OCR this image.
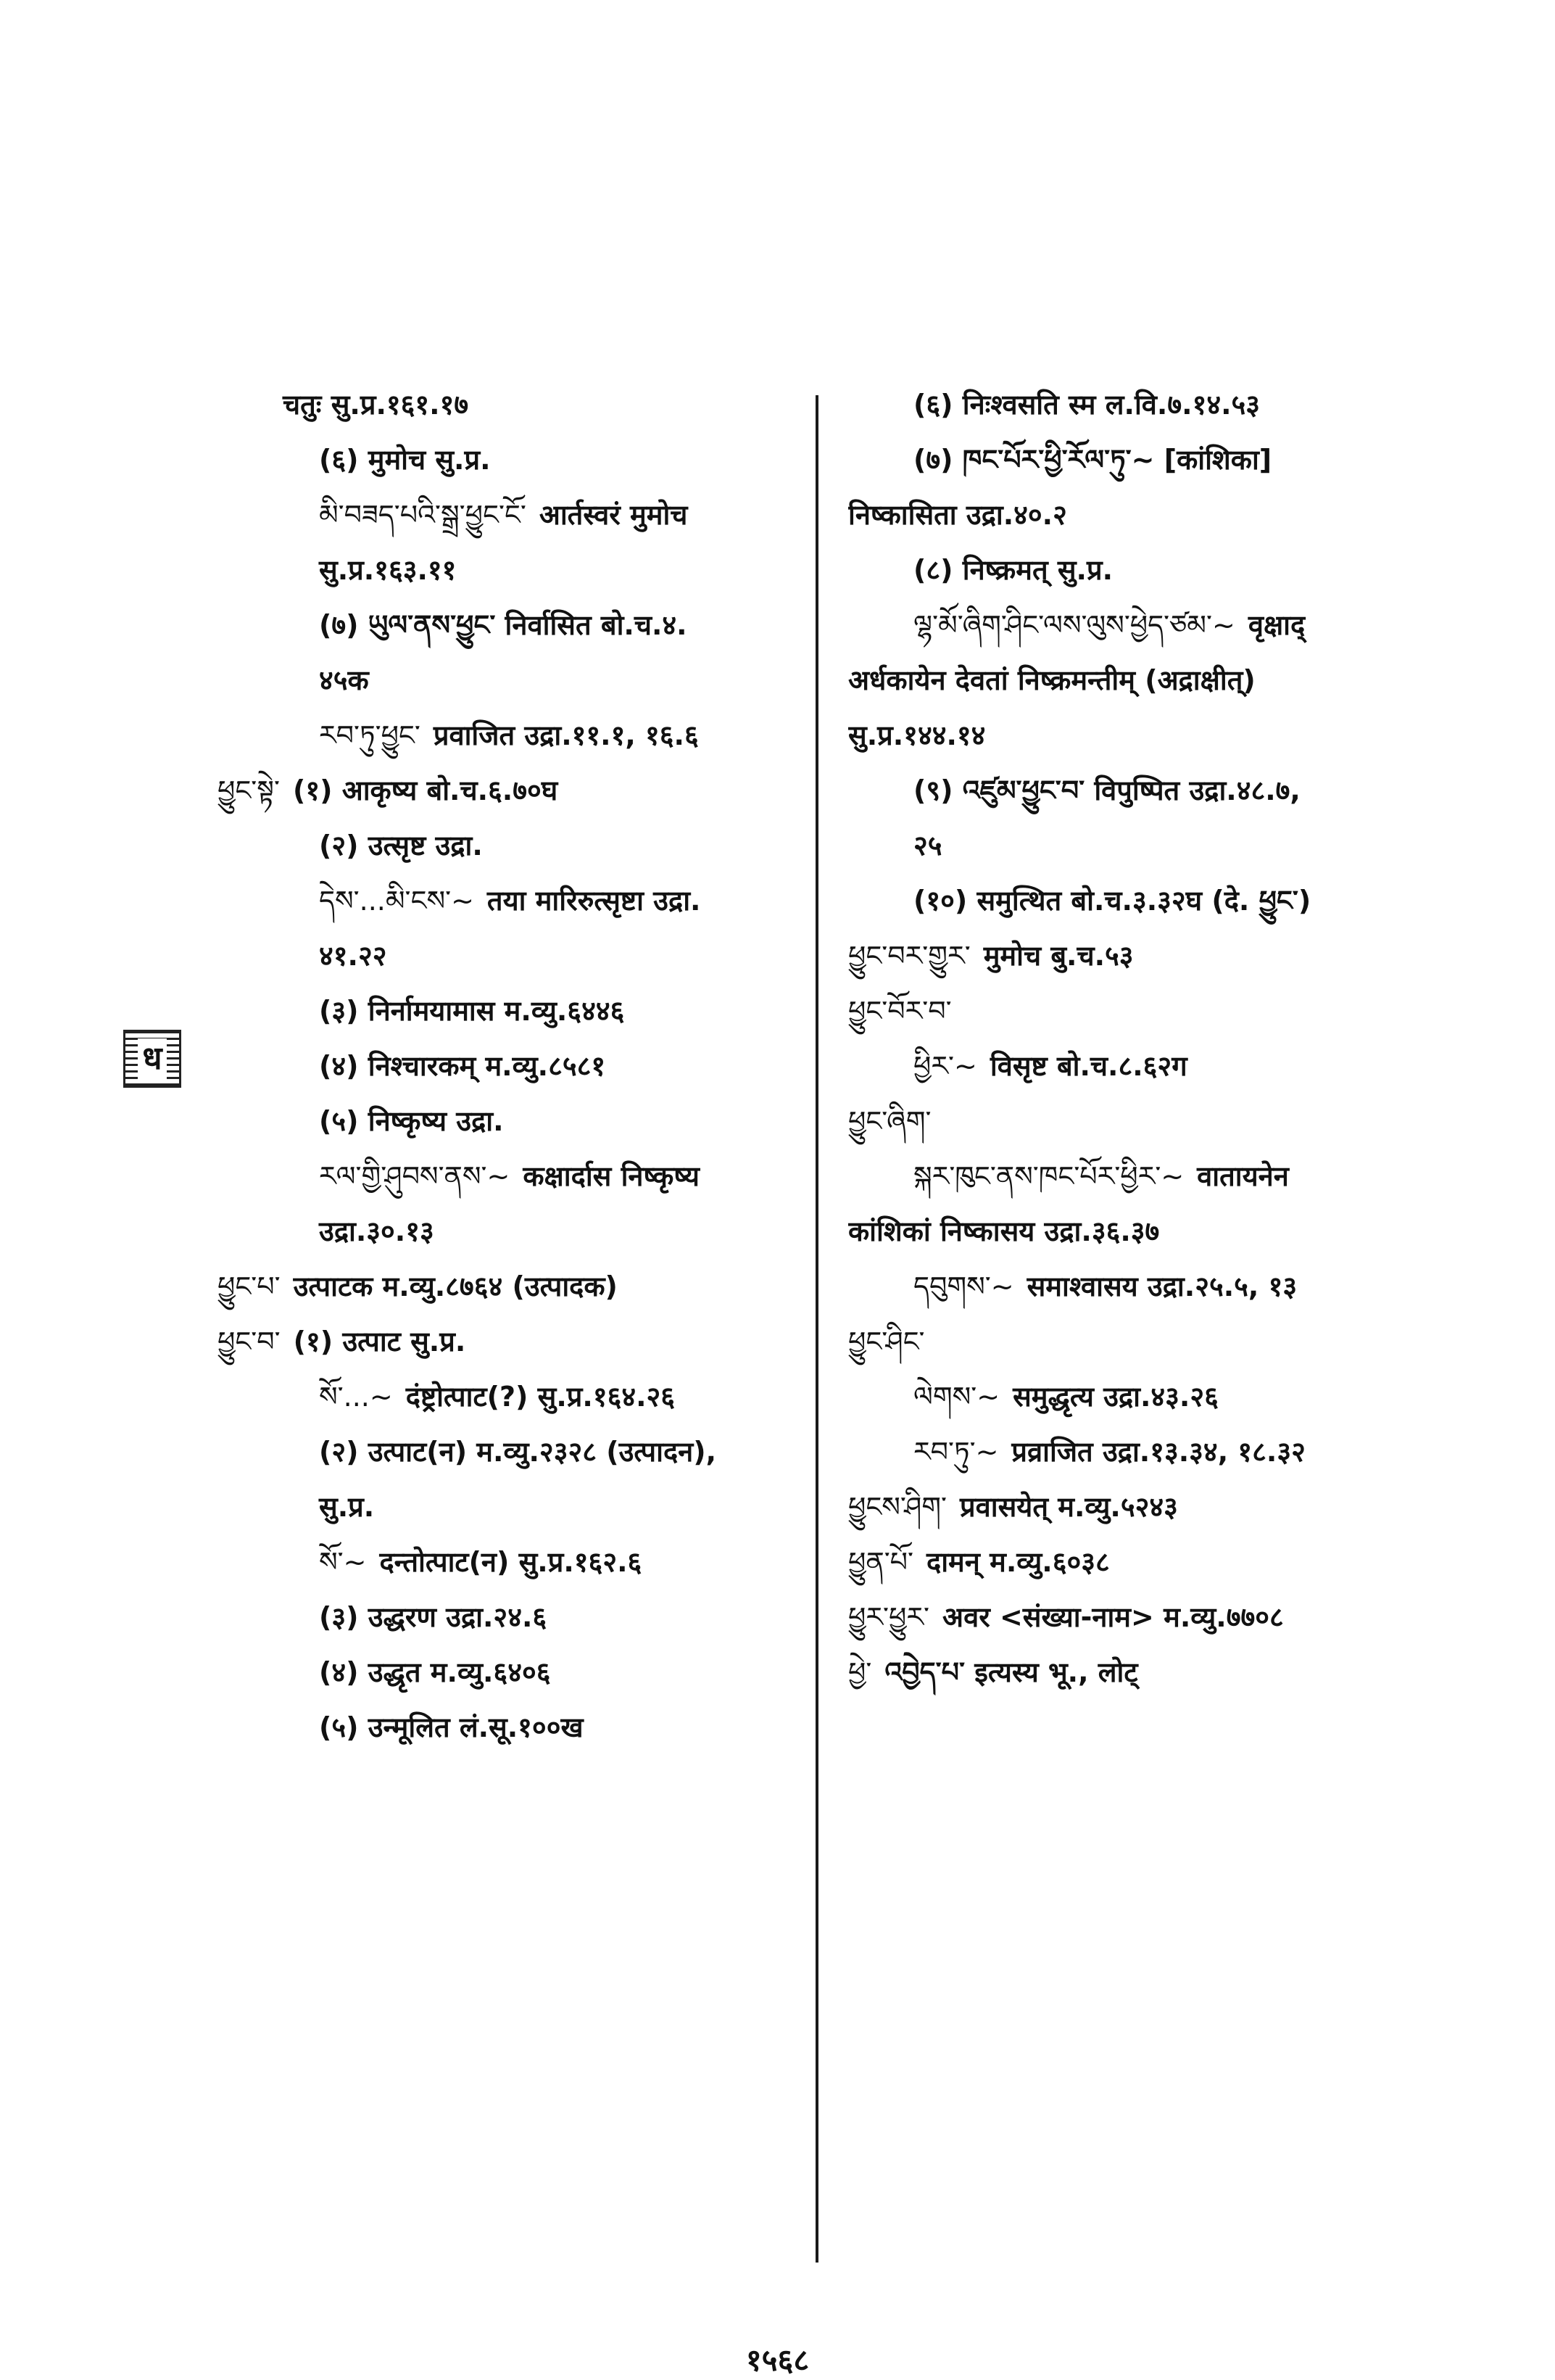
ध
चतुः सु.प्र.१६१.१७
(६) मुमोच सु.प्र.
མི་བཟད་པའི་སྒྲ་ཕྱུང་ངོ་ आर्तस्वरं मुमोच
सु.प्र.१६३.११
(७) ཡུལ་ནས་ཕྱུང་ निर्वासित बो.च.४.
४५क
རབ་ཏུ་ཕྱུང་ प्रवाजित उद्रा.११.१, १६.६
ཕྱུང་སྟེ་ (१) आकृष्य बो.च.६.७०घ
(२) उत्सृष्ट उद्रा.
དེས་...མི་ངས་~ तया मारिरुत्सृष्टा उद्रा.
४१.२२
(३) निर्नामयामास म.व्यु.६४४६
(४) निश्चारकम् म.व्यु.८५८१
(५) निष्कृष्य उद्रा.
རལ་གྱི་ཤུབས་ནས་~ कक्षार्दास निष्कृष्य
उद्रा.३०.१३
ཕྱུང་པ་ उत्पाटक म.व्यु.८७६४ (उत्पादक)
ཕྱུང་བ་ (१) उत्पाट सु.प्र.
སོ་...~ दंष्ट्रोत्पाट(?) सु.प्र.१६४.२६
(२) उत्पाट(न) म.व्यु.२३२८ (उत्पादन),
सु.प्र.
སོ་~ दन्तोत्पाट(न) सु.प्र.१६२.६
(३) उद्धरण उद्रा.२४.६
(४) उद्धृत म.व्यु.६४०६
(५) उन्मूलित लं.सू.१००ख
(६) निःश्वसति स्म ल.वि.७.१४.५३
(७) ཁང་པོར་ཕྱི་རོལ་ཏུ་~ [कांशिका]
निष्कासिता उद्रा.४०.२
(८) निष्क्रमत् सु.प्र.
ལྷ་མོ་ཞིག་ཤིང་ལས་ལུས་ཕྱེད་ཙམ་~ वृक्षाद्
अर्धकायेन देवतां निष्क्रमन्तीम् (अद्राक्षीत्)
सु.प्र.१४४.१४
(९) འཛུམ་ཕྱུང་བ་ विपुष्पित उद्रा.४८.७,
२५
(१०) समुत्थित बो.च.३.३२घ (दे. ཕྱུང་)
ཕྱུང་བར་གྱུར་ मुमोच बु.च.५३
ཕྱུང་བོར་བ་
ཕྱིར་~ विसृष्ट बो.च.८.६२ग
ཕྱུང་ཞིག་
སྐར་ཁུང་ནས་ཁང་པོར་ཕྱིར་~ वातायनेन
कांशिकां निष्कासय उद्रा.३६.३७
དབུགས་~ समाश्वासय उद्रा.२५.५, १३
ཕྱུང་ཤིང་
ལེགས་~ समुद्धृत्य उद्रा.४३.२६
རབ་ཏུ་~ प्रव्राजित उद्रा.१३.३४, १८.३२
ཕྱུངས་ཤིག་ प्रवासयेत् म.व्यु.५२४३
ཕྱུན་པོ་ दामन् म.व्यु.६०३८
ཕྱུར་ཕྱུར་ अवर <संख्या-नाम> म.व्यु.७७०८
ཕྱེ་ འབྱེད་པ་ इत्यस्य भू., लोट्
१५६८
